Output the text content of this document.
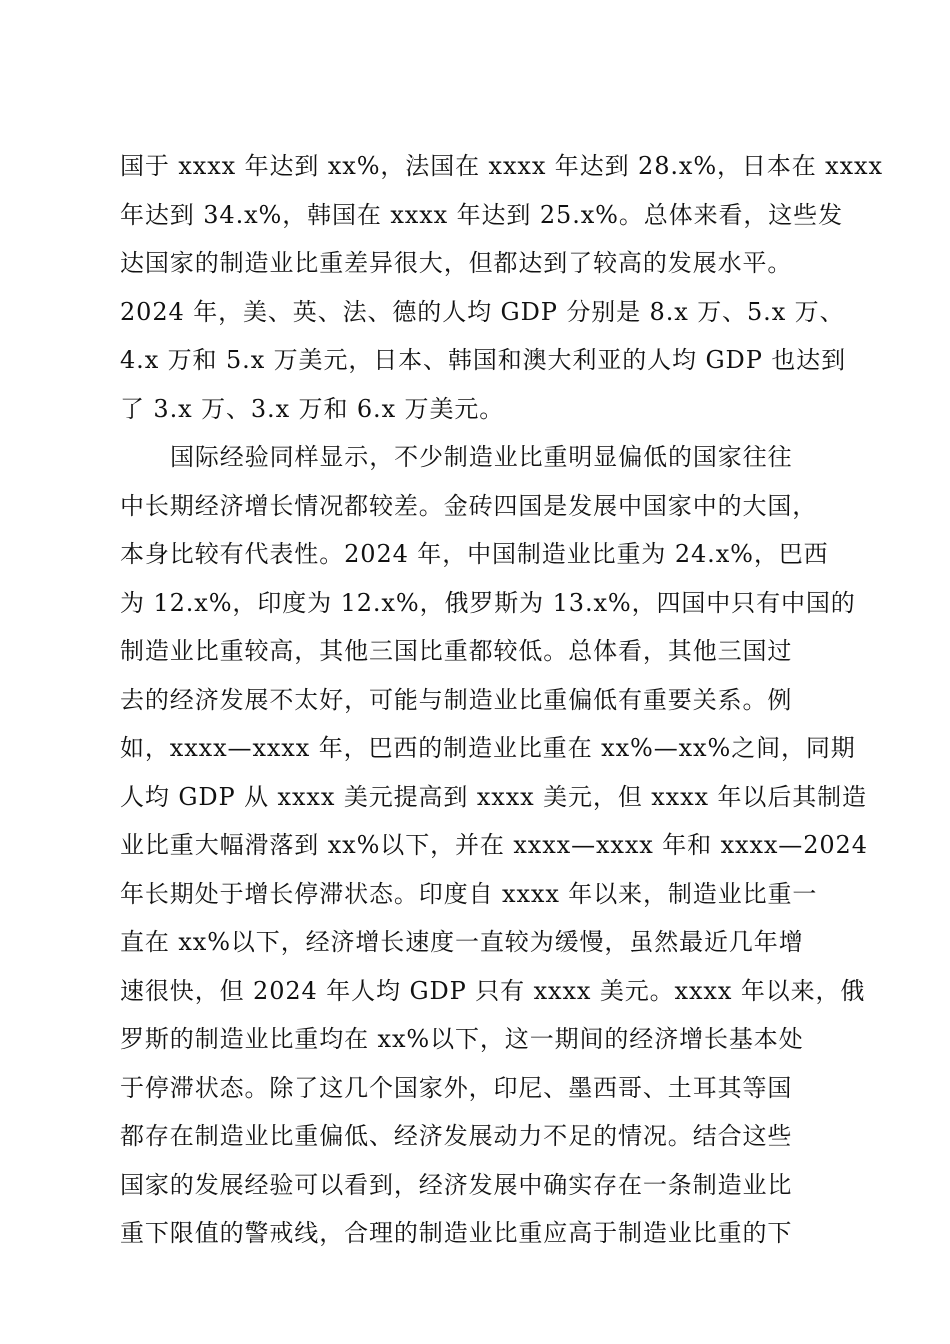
国于 xxxx 年达到 xx%，法国在 xxxx 年达到 28.x%，日本在 xxxx
年达到 34.x%，韩国在 xxxx 年达到 25.x%。总体来看，这些发
达国家的制造业比重差异很大，但都达到了较高的发展水平。
2024 年，美、英、法、德的人均 GDP 分别是 8.x 万、5.x 万、
4.x 万和 5.x 万美元，日本、韩国和澳大利亚的人均 GDP 也达到
了 3.x 万、3.x 万和 6.x 万美元。
国际经验同样显示，不少制造业比重明显偏低的国家往往
中长期经济增长情况都较差。金砖四国是发展中国家中的大国，
本身比较有代表性。2024 年，中国制造业比重为 24.x%，巴西
为 12.x%，印度为 12.x%，俄罗斯为 13.x%，四国中只有中国的
制造业比重较高，其他三国比重都较低。总体看，其他三国过
去的经济发展不太好，可能与制造业比重偏低有重要关系。例
如，xxxx—xxxx 年，巴西的制造业比重在 xx%—xx%之间，同期
人均 GDP 从 xxxx 美元提高到 xxxx 美元，但 xxxx 年以后其制造
业比重大幅滑落到 xx%以下，并在 xxxx—xxxx 年和 xxxx—2024
年长期处于增长停滞状态。印度自 xxxx 年以来，制造业比重一
直在 xx%以下，经济增长速度一直较为缓慢，虽然最近几年增
速很快，但 2024 年人均 GDP 只有 xxxx 美元。xxxx 年以来，俄
罗斯的制造业比重均在 xx%以下，这一期间的经济增长基本处
于停滞状态。除了这几个国家外，印尼、墨西哥、土耳其等国
都存在制造业比重偏低、经济发展动力不足的情况。结合这些
国家的发展经验可以看到，经济发展中确实存在一条制造业比
重下限值的警戒线，合理的制造业比重应高于制造业比重的下
